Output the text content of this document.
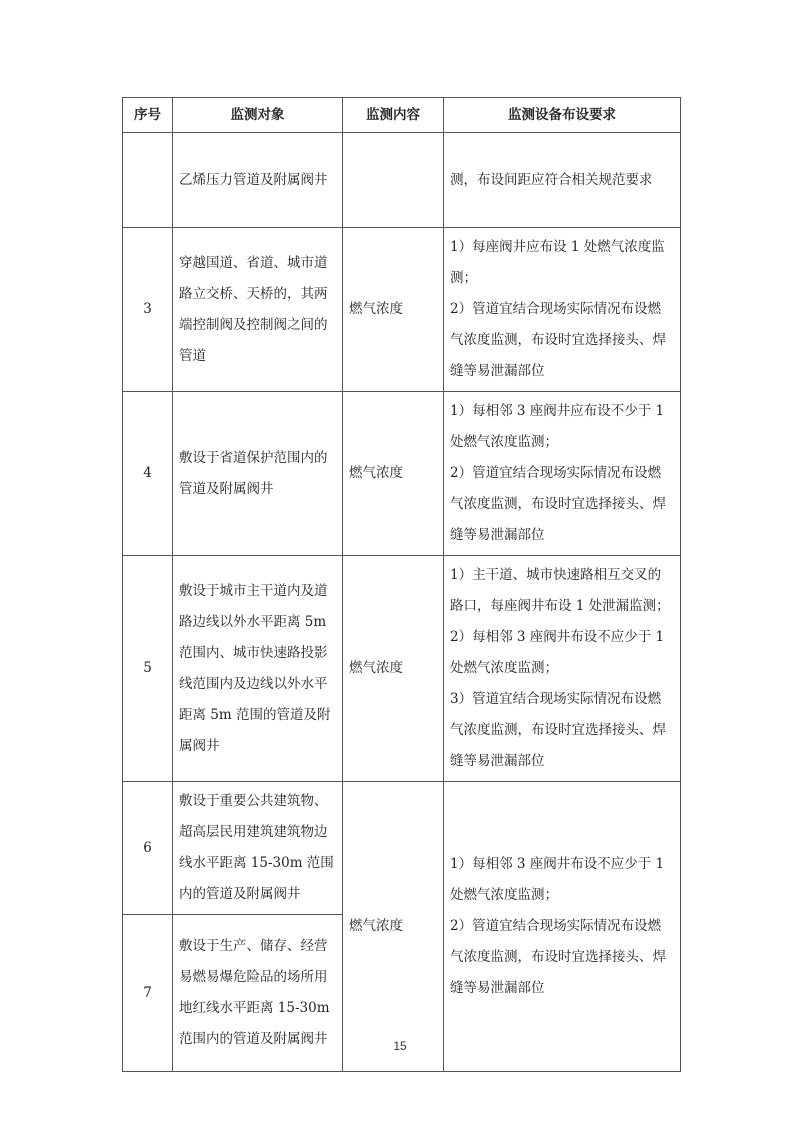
序号	监测对象	监测内容	监测设备布设要求
	乙烯压力管道及附属阀井		测，布设间距应符合相关规范要求

3	穿越国道、省道、城市道路立交桥、天桥的，其两端控制阀及控制阀之间的管道	燃气浓度	1）每座阀井应布设 1 处燃气浓度监测；

2）管道宜结合现场实际情况布设燃气浓度监测，布设时宜选择接头、焊缝等易泄漏部位

4	敷设于省道保护范围内的管道及附属阀井	燃气浓度	1）每相邻 3 座阀井应布设不少于 1 处燃气浓度监测；

2）管道宜结合现场实际情况布设燃气浓度监测，布设时宜选择接头、焊缝等易泄漏部位

5	敷设于城市主干道内及道路边线以外水平距离 5m 范围内、城市快速路投影线范围内及边线以外水平距离 5m 范围的管道及附属阀井	燃气浓度	1）主干道、城市快速路相互交叉的路口，每座阀井布设 1 处泄漏监测；

2）每相邻 3 座阀井布设不应少于 1 处燃气浓度监测；

3）管道宜结合现场实际情况布设燃气浓度监测，布设时宜选择接头、焊缝等易泄漏部位

6	敷设于重要公共建筑物、超高层民用建筑建筑物边线水平距离 15-30m 范围内的管道及附属阀井	燃气浓度	1）每相邻 3 座阀井布设不应少于 1 处燃气浓度监测；

2）管道宜结合现场实际情况布设燃气浓度监测，布设时宜选择接头、焊缝等易泄漏部位

7	敷设于生产、储存、经营易燃易爆危险品的场所用地红线水平距离 15-30m 范围内的管道及附属阀井			15
